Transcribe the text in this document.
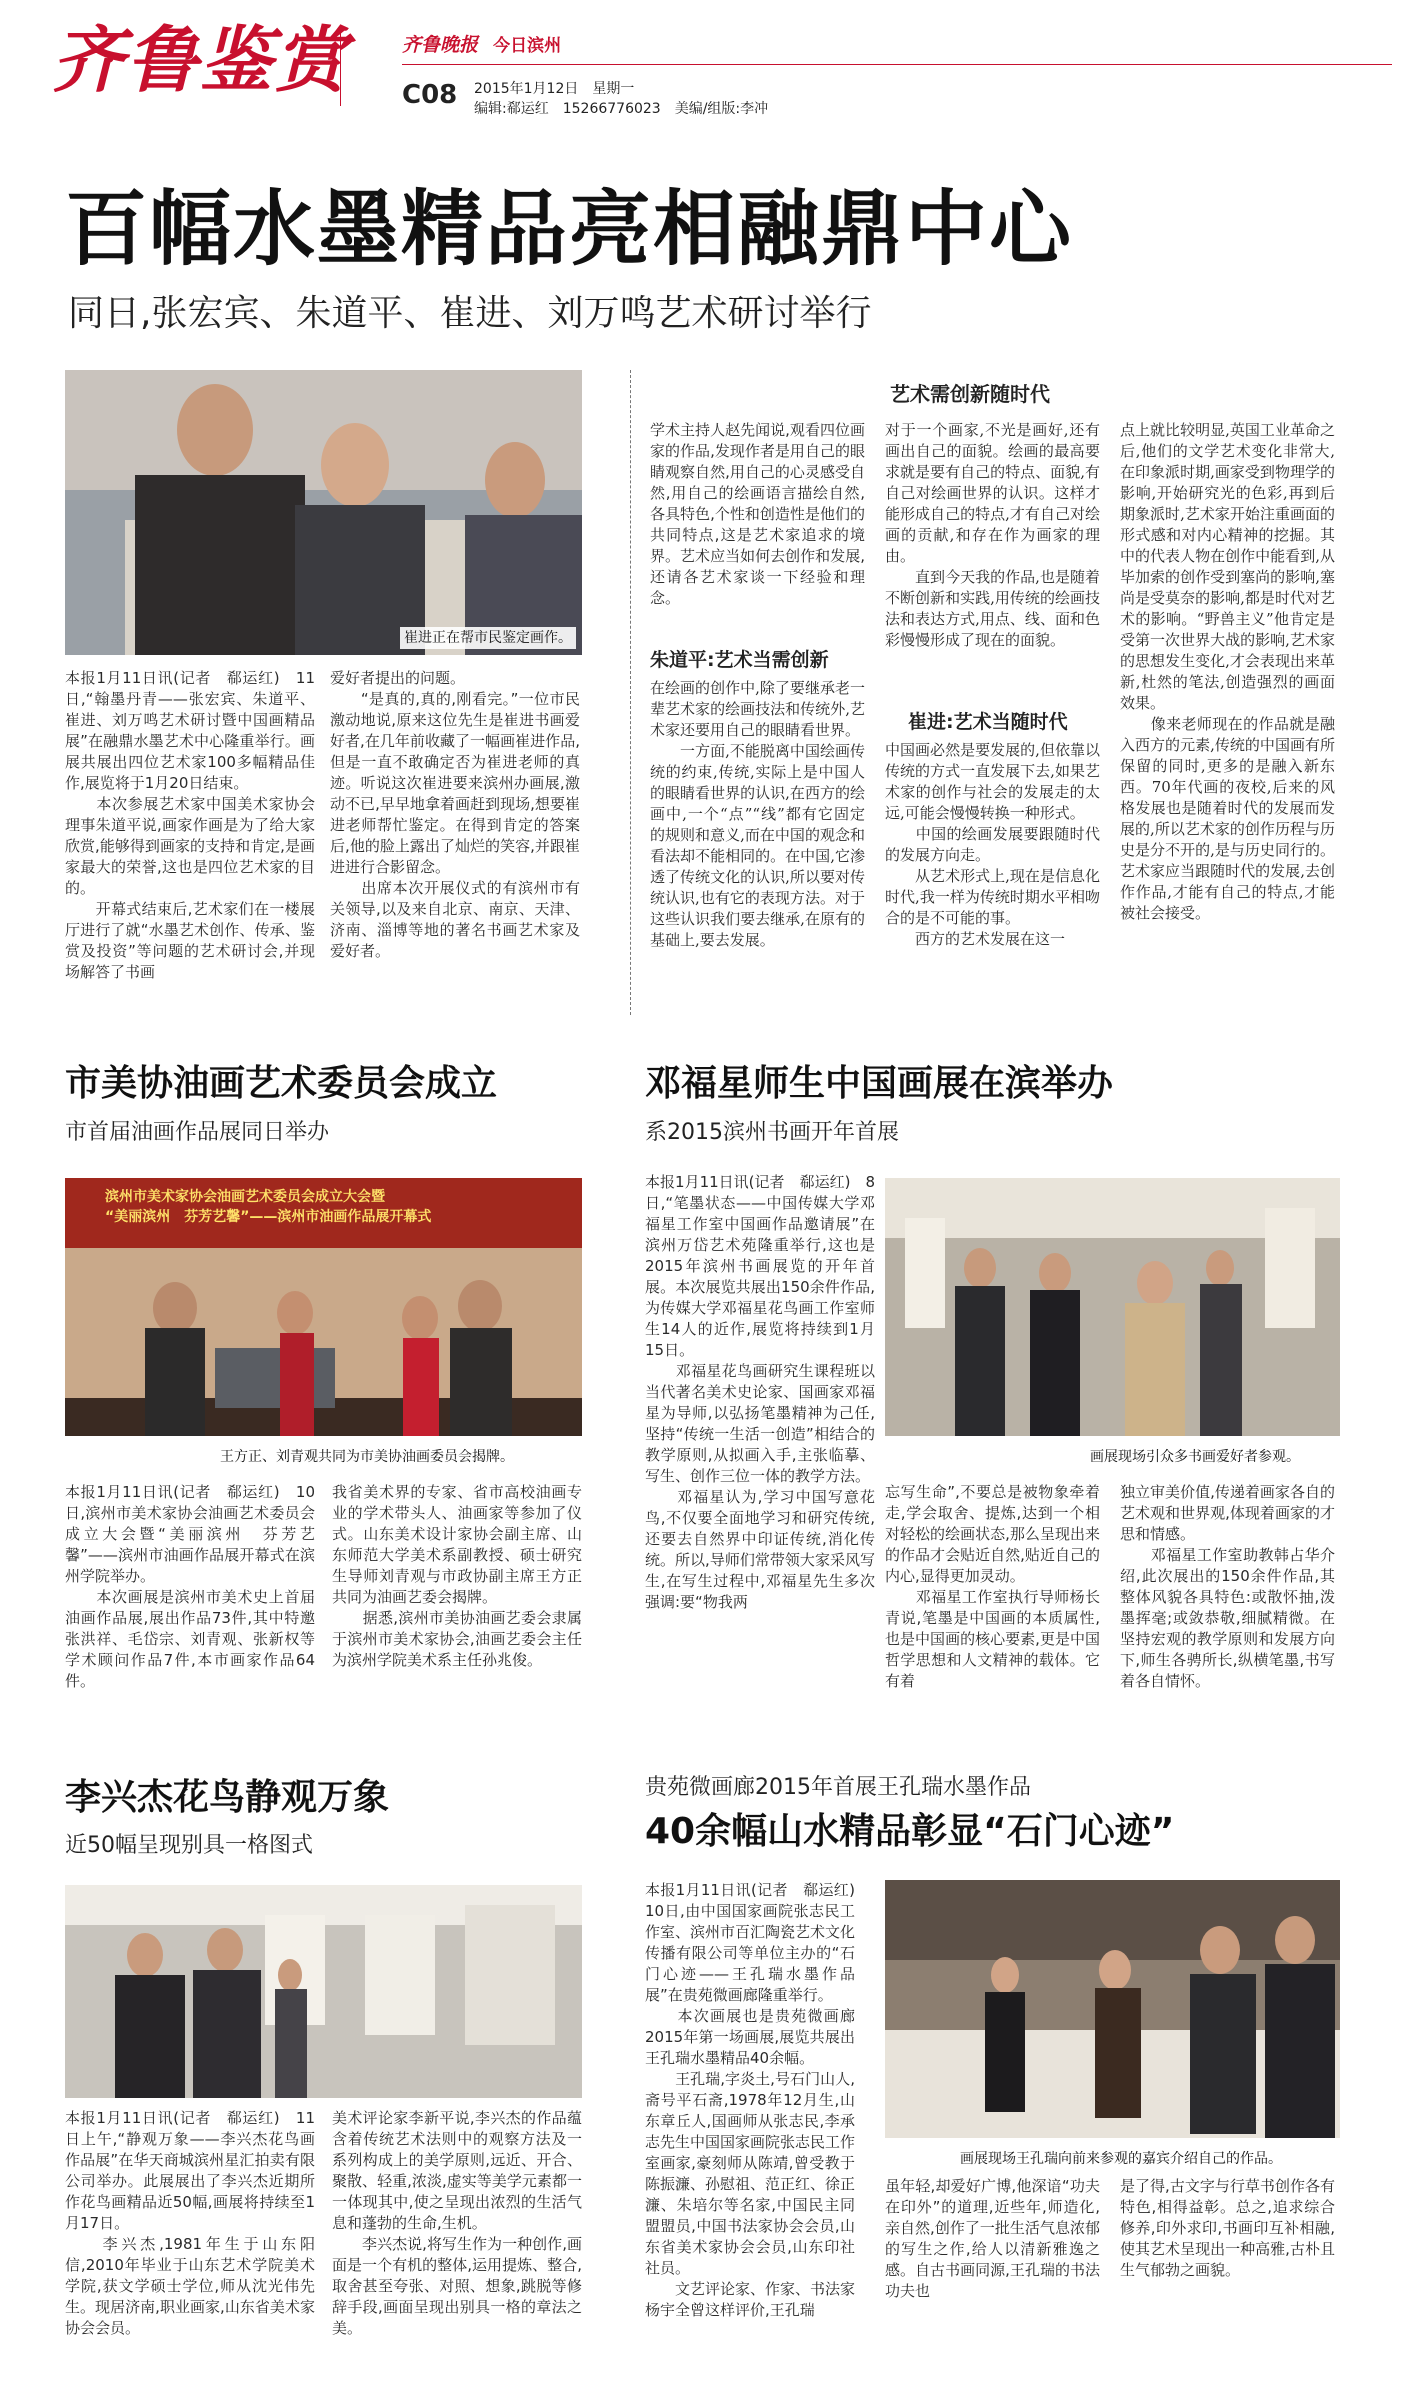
齐鲁鉴赏	齐鲁晚报 今日滨州
C08 2015年1月12日　星期一
编辑:郗运红　15266776023　美编/组版:李冲
百幅水墨精品亮相融鼎中心
同日,张宏宾、朱道平、崔进、刘万鸣艺术研讨举行
崔进正在帮市民鉴定画作。
本报1月11日讯(记者　郗运红)　11日,“翰墨丹青——张宏宾、朱道平、崔进、刘万鸣艺术研讨暨中国画精品展”在融鼎水墨艺术中心隆重举行。画展共展出四位艺术家100多幅精品佳作,展览将于1月20日结束。
　　本次参展艺术家中国美术家协会理事朱道平说,画家作画是为了给大家欣赏,能够得到画家的支持和肯定,是画家最大的荣誉,这也是四位艺术家的目的。
　　开幕式结束后,艺术家们在一楼展厅进行了就“水墨艺术创作、传承、鉴赏及投资”等问题的艺术研讨会,并现场解答了书画
爱好者提出的问题。
　　“是真的,真的,刚看完。”一位市民激动地说,原来这位先生是崔进书画爱好者,在几年前收藏了一幅画崔进作品,但是一直不敢确定否为崔进老师的真迹。听说这次崔进要来滨州办画展,激动不已,早早地拿着画赶到现场,想要崔进老师帮忙鉴定。在得到肯定的答案后,他的脸上露出了灿烂的笑容,并跟崔进进行合影留念。
　　出席本次开展仪式的有滨州市有关领导,以及来自北京、南京、天津、济南、淄博等地的著名书画艺术家及爱好者。
艺术需创新随时代
学术主持人赵先闻说,观看四位画家的作品,发现作者是用自己的眼睛观察自然,用自己的心灵感受自然,用自己的绘画语言描绘自然,各具特色,个性和创造性是他们的共同特点,这是艺术家追求的境界。艺术应当如何去创作和发展,还请各艺术家谈一下经验和理念。
朱道平:艺术当需创新
在绘画的创作中,除了要继承老一辈艺术家的绘画技法和传统外,艺术家还要用自己的眼睛看世界。
　　一方面,不能脱离中国绘画传统的约束,传统,实际上是中国人的眼睛看世界的认识,在西方的绘画中,一个“点”“线”都有它固定的规则和意义,而在中国的观念和看法却不能相同的。在中国,它渗透了传统文化的认识,所以要对传统认识,也有它的表现方法。对于这些认识我们要去继承,在原有的基础上,要去发展。
对于一个画家,不光是画好,还有画出自己的面貌。绘画的最高要求就是要有自己的特点、面貌,有自己对绘画世界的认识。这样才能形成自己的特点,才有自己对绘画的贡献,和存在作为画家的理由。
　　直到今天我的作品,也是随着不断创新和实践,用传统的绘画技法和表达方式,用点、线、面和色彩慢慢形成了现在的面貌。
崔进:艺术当随时代
中国画必然是要发展的,但依靠以传统的方式一直发展下去,如果艺术家的创作与社会的发展走的太远,可能会慢慢转换一种形式。
　　中国的绘画发展要跟随时代的发展方向走。
　　从艺术形式上,现在是信息化时代,我一样为传统时期水平相吻合的是不可能的事。
　　西方的艺术发展在这一
点上就比较明显,英国工业革命之后,他们的文学艺术变化非常大,在印象派时期,画家受到物理学的影响,开始研究光的色彩,再到后期象派时,艺术家开始注重画面的形式感和对内心精神的挖掘。其中的代表人物在创作中能看到,从毕加索的创作受到塞尚的影响,塞尚是受莫奈的影响,都是时代对艺术的影响。“野兽主义”他肯定是受第一次世界大战的影响,艺术家的思想发生变化,才会表现出来革新,杜然的笔法,创造强烈的画面效果。
　　像来老师现在的作品就是融入西方的元素,传统的中国画有所保留的同时,更多的是融入新东西。70年代画的夜校,后来的风格发展也是随着时代的发展而发展的,所以艺术家的创作历程与历史是分不开的,是与历史同行的。艺术家应当跟随时代的发展,去创作作品,才能有自己的特点,才能被社会接受。
市美协油画艺术委员会成立
市首届油画作品展同日举办
滨州市美术家协会油画艺术委员会成立大会暨
“美丽滨州　芬芳艺馨”——滨州市油画作品展开幕式
王方正、刘青观共同为市美协油画委员会揭牌。
本报1月11日讯(记者　郗运红)　10日,滨州市美术家协会油画艺术委员会成立大会暨“美丽滨州　芬芳艺馨”——滨州市油画作品展开幕式在滨州学院举办。
　　本次画展是滨州市美术史上首届油画作品展,展出作品73件,其中特邀张洪祥、毛岱宗、刘青观、张新权等学术顾问作品7件,本市画家作品64件。
我省美术界的专家、省市高校油画专业的学术带头人、油画家等参加了仪式。山东美术设计家协会副主席、山东师范大学美术系副教授、硕士研究生导师刘青观与市政协副主席王方正共同为油画艺委会揭牌。
　　据悉,滨州市美协油画艺委会隶属于滨州市美术家协会,油画艺委会主任为滨州学院美术系主任孙兆俊。
邓福星师生中国画展在滨举办
系2015滨州书画开年首展
本报1月11日讯(记者　郗运红)　8日,“笔墨状态——中国传媒大学邓福星工作室中国画作品邀请展”在滨州万岱艺术苑隆重举行,这也是2015年滨州书画展览的开年首展。本次展览共展出150余件作品,为传媒大学邓福星花鸟画工作室师生14人的近作,展览将持续到1月15日。
　　邓福星花鸟画研究生课程班以当代著名美术史论家、国画家邓福星为导师,以弘扬笔墨精神为己任,坚持“传统一生活一创造”相结合的教学原则,从拟画入手,主张临摹、写生、创作三位一体的教学方法。
　　邓福星认为,学习中国写意花鸟,不仅要全面地学习和研究传统,还要去自然界中印证传统,消化传统。所以,导师们常带领大家采风写生,在写生过程中,邓福星先生多次强调:要“物我两
画展现场引众多书画爱好者参观。
忘写生命”,不要总是被物象牵着走,学会取舍、提炼,达到一个相对轻松的绘画状态,那么呈现出来的作品才会贴近自然,贴近自己的内心,显得更加灵动。
　　邓福星工作室执行导师杨长青说,笔墨是中国画的本质属性,也是中国画的核心要素,更是中国哲学思想和人文精神的载体。它有着
独立审美价值,传递着画家各自的艺术观和世界观,体现着画家的才思和情感。
　　邓福星工作室助教韩占华介绍,此次展出的150余件作品,其整体风貌各具特色:或散怀抽,泼墨挥毫;或敛恭敬,细腻精微。在坚持宏观的教学原则和发展方向下,师生各骋所长,纵横笔墨,书写着各自情怀。
李兴杰花鸟静观万象
近50幅呈现别具一格图式
本报1月11日讯(记者　郗运红)　11日上午,“静观万象——李兴杰花鸟画作品展”在华天商城滨州星汇拍卖有限公司举办。此展展出了李兴杰近期所作花鸟画精品近50幅,画展将持续至1月17日。
　　李兴杰,1981年生于山东阳信,2010年毕业于山东艺术学院美术学院,获文学硕士学位,师从沈光伟先生。现居济南,职业画家,山东省美术家协会会员。
美术评论家李新平说,李兴杰的作品蕴含着传统艺术法则中的观察方法及一系列构成上的美学原则,远近、开合、聚散、轻重,浓淡,虚实等美学元素都一一体现其中,使之呈现出浓烈的生活气息和蓬勃的生命,生机。
　　李兴杰说,将写生作为一种创作,画面是一个有机的整体,运用提炼、整合,取舍甚至夸张、对照、想象,跳脱等修辞手段,画面呈现出别具一格的章法之美。
贵苑微画廊2015年首展王孔瑞水墨作品
40余幅山水精品彰显“石门心迹”
本报1月11日讯(记者　郗运红)　10日,由中国国家画院张志民工作室、滨州市百汇陶瓷艺术文化传播有限公司等单位主办的“石门心迹——王孔瑞水墨作品展”在贵苑微画廊隆重举行。
　　本次画展也是贵苑微画廊2015年第一场画展,展览共展出王孔瑞水墨精品40余幅。
　　王孔瑞,字炎土,号石门山人,斋号平石斋,1978年12月生,山东章丘人,国画师从张志民,李承志先生中国国家画院张志民工作室画家,豪刻师从陈靖,曾受教于陈振濂、孙慰祖、范正红、徐正濂、朱培尔等名家,中国民主同盟盟员,中国书法家协会会员,山东省美术家协会会员,山东印社社员。
　　文艺评论家、作家、书法家杨宇全曾这样评价,王孔瑞
画展现场王孔瑞向前来参观的嘉宾介绍自己的作品。
虽年轻,却爱好广博,他深谙“功夫在印外”的道理,近些年,师造化,亲自然,创作了一批生活气息浓郁的写生之作,给人以清新雅逸之感。自古书画同源,王孔瑞的书法功夫也
是了得,古文字与行草书创作各有特色,相得益彰。总之,追求综合修养,印外求印,书画印互补相融,使其艺术呈现出一种高雅,古朴且生气郁勃之画貌。
